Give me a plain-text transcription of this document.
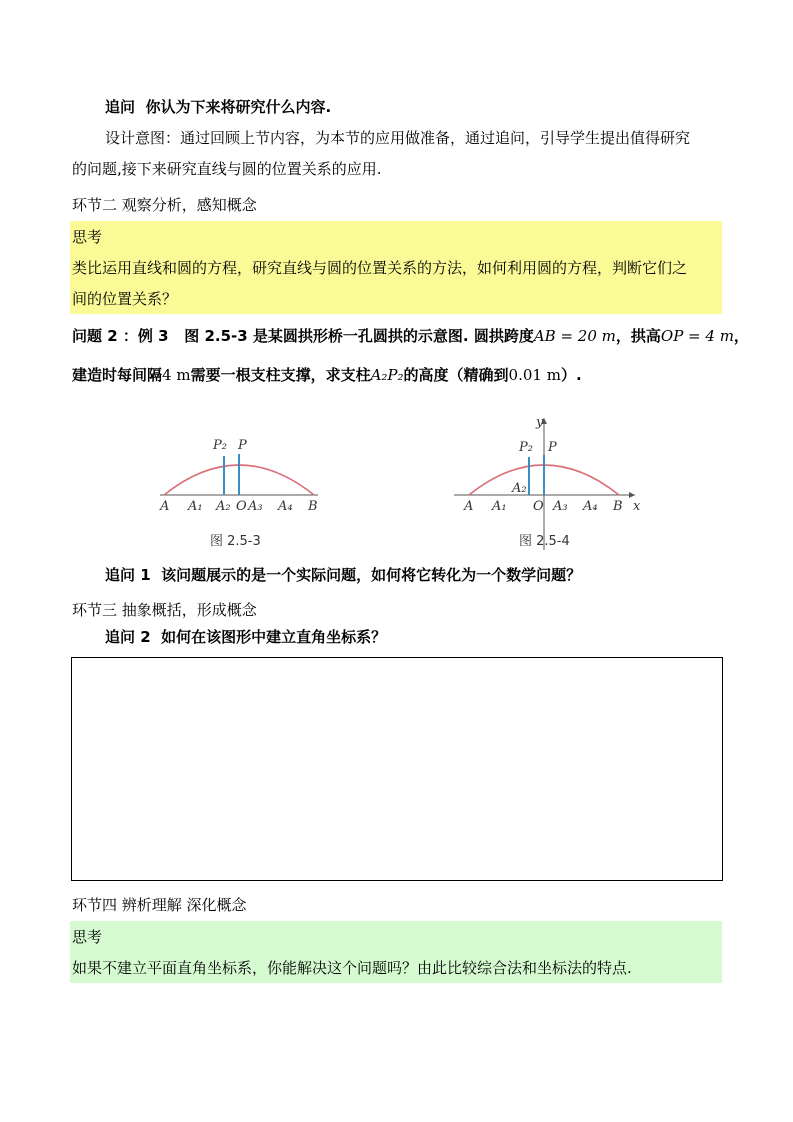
追问 你认为下来将研究什么内容.
设计意图：通过回顾上节内容，为本节的应用做准备，通过追问，引导学生提出值得研究
的问题,接下来研究直线与圆的位置关系的应用.
环节二 观察分析，感知概念
思考
类比运用直线和圆的方程，研究直线与圆的位置关系的方法，如何利用圆的方程，判断它们之
间的位置关系？
问题 2 ：例 3 图 2.5-3 是某圆拱形桥一孔圆拱的示意图. 圆拱跨度AB = 20 m，拱高OP = 4 m，
建造时每间隔4 m需要一根支柱支撑，求支柱A₂P₂的高度（精确到0.01 m）.
A A₁ A₂ O A₃ A₄ B
P₂ P
图 2.5-3
A A₁
A₂
O A₃ A₄ B x
y
P₂ P
图 2.5-4
追问 1 该问题展示的是一个实际问题，如何将它转化为一个数学问题？
环节三 抽象概括，形成概念
追问 2 如何在该图形中建立直角坐标系？
环节四 辨析理解 深化概念
思考
如果不建立平面直角坐标系，你能解决这个问题吗？由此比较综合法和坐标法的特点.
